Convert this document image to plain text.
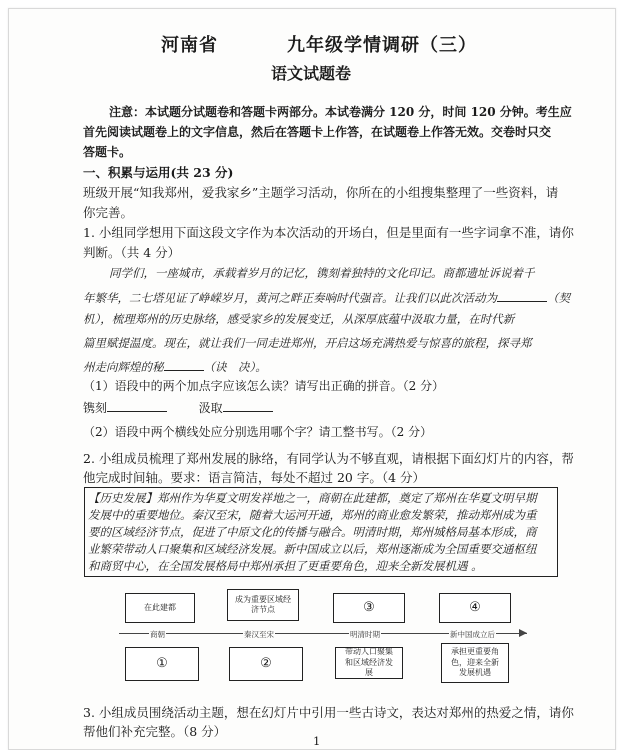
河南省	九年级学情调研（三）
语文试题卷
注意：本试题分试题卷和答题卡两部分。本试卷满分 120 分，时间 120 分钟。考生应
首先阅读试题卷上的文字信息，然后在答题卡上作答，在试题卷上作答无效。交卷时只交
答题卡。
一、积累与运用(共 23 分)
班级开展“知我郑州，爱我家乡”主题学习活动，你所在的小组搜集整理了一些资料，请
你完善。
1. 小组同学想用下面这段文字作为本次活动的开场白，但是里面有一些字词拿不准，请你
判断。（共 4 分）
同学们，一座城市，承载着岁月的记忆，镌刻着独特的文化印记。商都遗址诉说着千
年繁华，二七塔见证了峥嵘岁月，黄河之畔正奏响时代强音。让我们以此次活动为	（契
机），梳理郑州的历史脉络，感受家乡的发展变迁，从深厚底蕴中汲取力量，在时代新
篇里赋提温度。现在，就让我们一同走进郑州，开启这场充满热爱与惊喜的旅程，探寻郑
州走向辉煌的秘	（诀　决）。
（1）语段中的两个加点字应该怎么读？请写出正确的拼音。（2 分）
镌刻	汲取
（2）语段中两个横线处应分别选用哪个字？请工整书写。（2 分）
2. 小组成员梳理了郑州发展的脉络，有同学认为不够直观，请根据下面幻灯片的内容，帮
他完成时间轴。要求：语言简洁，每处不超过 20 字。（4 分）
【历史发展】郑州作为华夏文明发祥地之一，商朝在此建都，奠定了郑州在华夏文明早期
发展中的重要地位。秦汉至宋，随着大运河开通，郑州的商业愈发繁荣，推动郑州成为重
要的区域经济节点，促进了中原文化的传播与融合。明清时期，郑州城格局基本形成，商
业繁荣带动人口聚集和区域经济发展。新中国成立以后，郑州逐渐成为全国重要交通枢纽
和商贸中心，在全国发展格局中郑州承担了更重要角色，迎来全新发展机遇 。
在此建都
成为重要区域经济节点	③	④
商朝	秦汉至宋	明清时期	新中国成立后
①	②
带动人口聚集和区域经济发展
承担更重要角色，迎来全新发展机遇
3. 小组成员围绕活动主题，想在幻灯片中引用一些古诗文，表达对郑州的热爱之情，请你
帮他们补充完整。（8 分）
1
